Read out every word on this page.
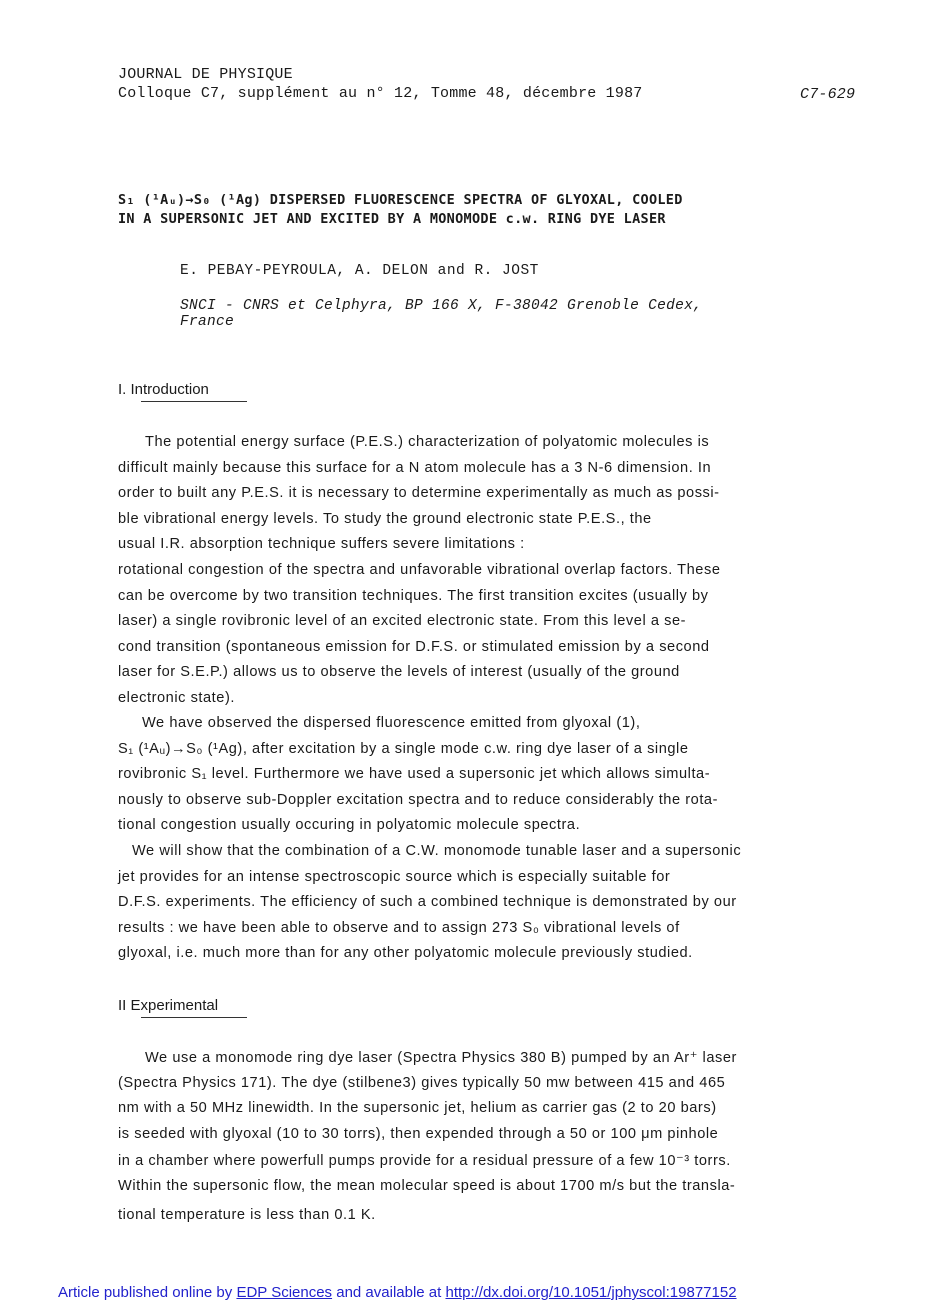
JOURNAL DE PHYSIQUE
Colloque C7, supplément au n° 12, Tomme 48, décembre 1987	C7-629
S₁ (¹Aᵤ)→S₀ (¹Ag) DISPERSED FLUORESCENCE SPECTRA OF GLYOXAL, COOLED
IN A SUPERSONIC JET AND EXCITED BY A MONOMODE c.w. RING DYE LASER
E. PEBAY-PEYROULA, A. DELON and R. JOST
SNCI - CNRS et Celphyra, BP 166 X, F-38042 Grenoble Cedex,
France
I. Introduction
The potential energy surface (P.E.S.) characterization of polyatomic molecules is
difficult mainly because this surface for a N atom molecule has a 3 N-6 dimension. In
order to built any P.E.S. it is necessary to determine experimentally as much as possi-
ble vibrational energy levels. To study the ground electronic state P.E.S., the
usual I.R. absorption technique suffers severe limitations :
rotational congestion of the spectra and unfavorable vibrational overlap factors. These
can be overcome by two transition techniques. The first transition excites (usually by
laser) a single rovibronic level of an excited electronic state. From this level a se-
cond transition (spontaneous emission for D.F.S. or stimulated emission by a second
laser for S.E.P.) allows us to observe the levels of interest (usually of the ground
electronic state).
We have observed the dispersed fluorescence emitted from glyoxal (1),
S₁ (¹Aᵤ)→S₀ (¹Ag), after excitation by a single mode c.w. ring dye laser of a single
rovibronic S₁ level. Furthermore we have used a supersonic jet which allows simulta-
nously to observe sub-Doppler excitation spectra and to reduce considerably the rota-
tional congestion usually occuring in polyatomic molecule spectra.
We will show that the combination of a C.W. monomode tunable laser and a supersonic
jet provides for an intense spectroscopic source which is especially suitable for
D.F.S. experiments. The efficiency of such a combined technique is demonstrated by our
results : we have been able to observe and to assign 273 S₀ vibrational levels of
glyoxal, i.e. much more than for any other polyatomic molecule previously studied.
II Experimental
We use a monomode ring dye laser (Spectra Physics 380 B) pumped by an Ar⁺ laser
(Spectra Physics 171). The dye (stilbene3) gives typically 50 mw between 415 and 465
nm with a 50 MHz linewidth. In the supersonic jet, helium as carrier gas (2 to 20 bars)
is seeded with glyoxal (10 to 30 torrs), then expended through a 50 or 100 μm pinhole
in a chamber where powerfull pumps provide for a residual pressure of a few 10⁻³ torrs.
Within the supersonic flow, the mean molecular speed is about 1700 m/s but the transla-
tional temperature is less than 0.1 K.
Article published online by EDP Sciences and available at http://dx.doi.org/10.1051/jphyscol:19877152
